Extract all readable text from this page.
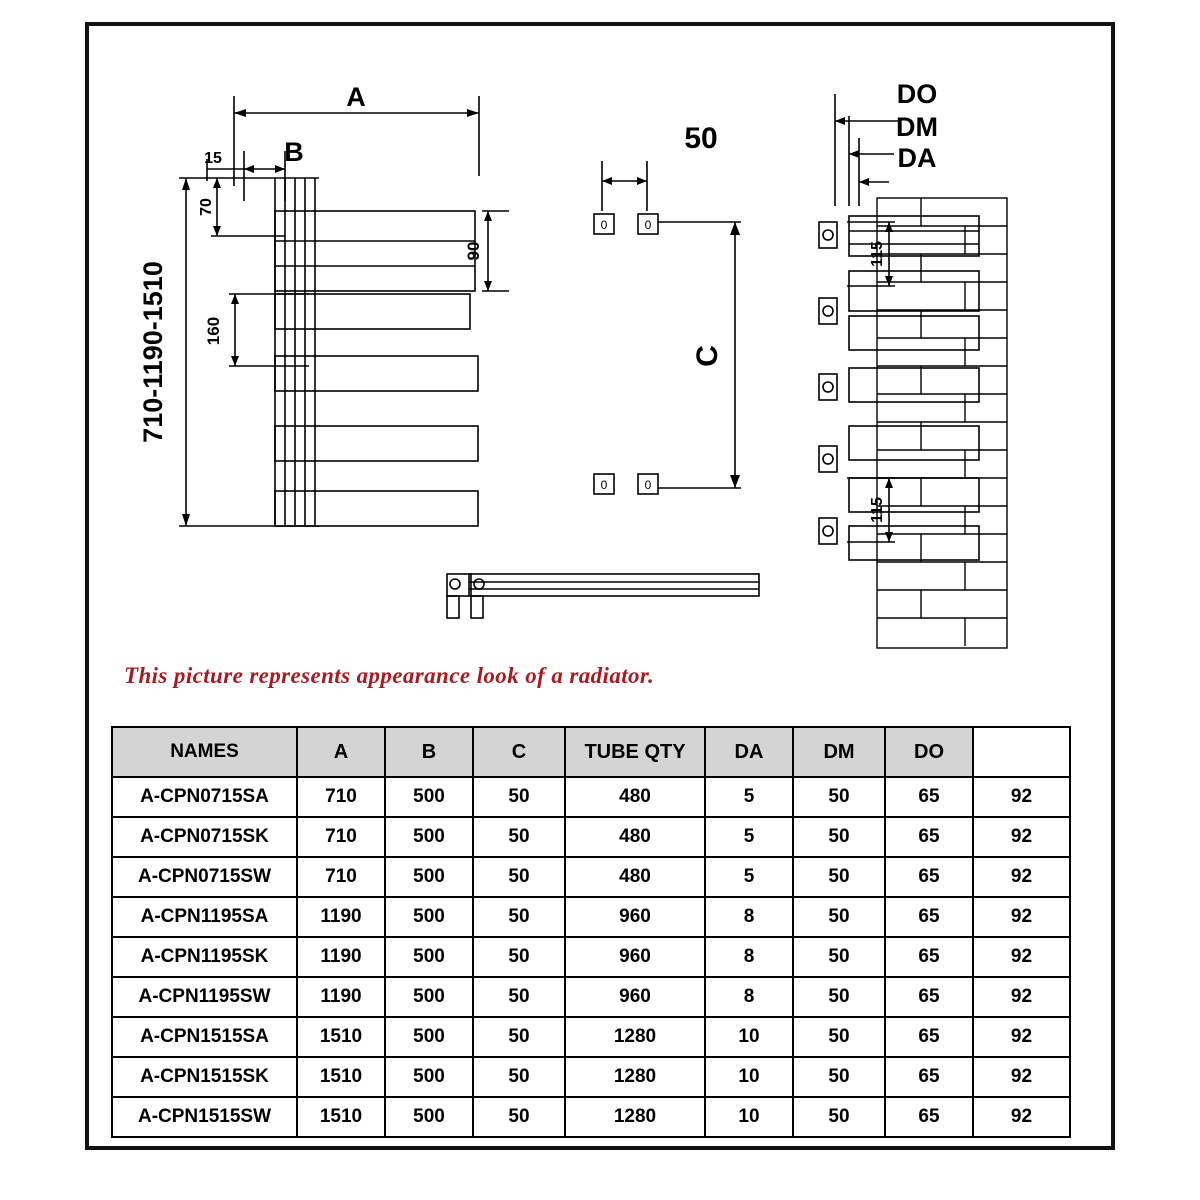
A
B
15
70
160
90
710-1190-1510
50
C
0	0
0	0
DO
DM
DA
115
115
This picture represents appearance look of a radiator.
NAMES	A	B	C	TUBE QTY	DA	DM	DO	
A-CPN0715SA	710	500	50	480	5	50	65	92
A-CPN0715SK	710	500	50	480	5	50	65	92
A-CPN0715SW	710	500	50	480	5	50	65	92
A-CPN1195SA	1190	500	50	960	8	50	65	92
A-CPN1195SK	1190	500	50	960	8	50	65	92
A-CPN1195SW	1190	500	50	960	8	50	65	92
A-CPN1515SA	1510	500	50	1280	10	50	65	92
A-CPN1515SK	1510	500	50	1280	10	50	65	92
A-CPN1515SW	1510	500	50	1280	10	50	65	92
